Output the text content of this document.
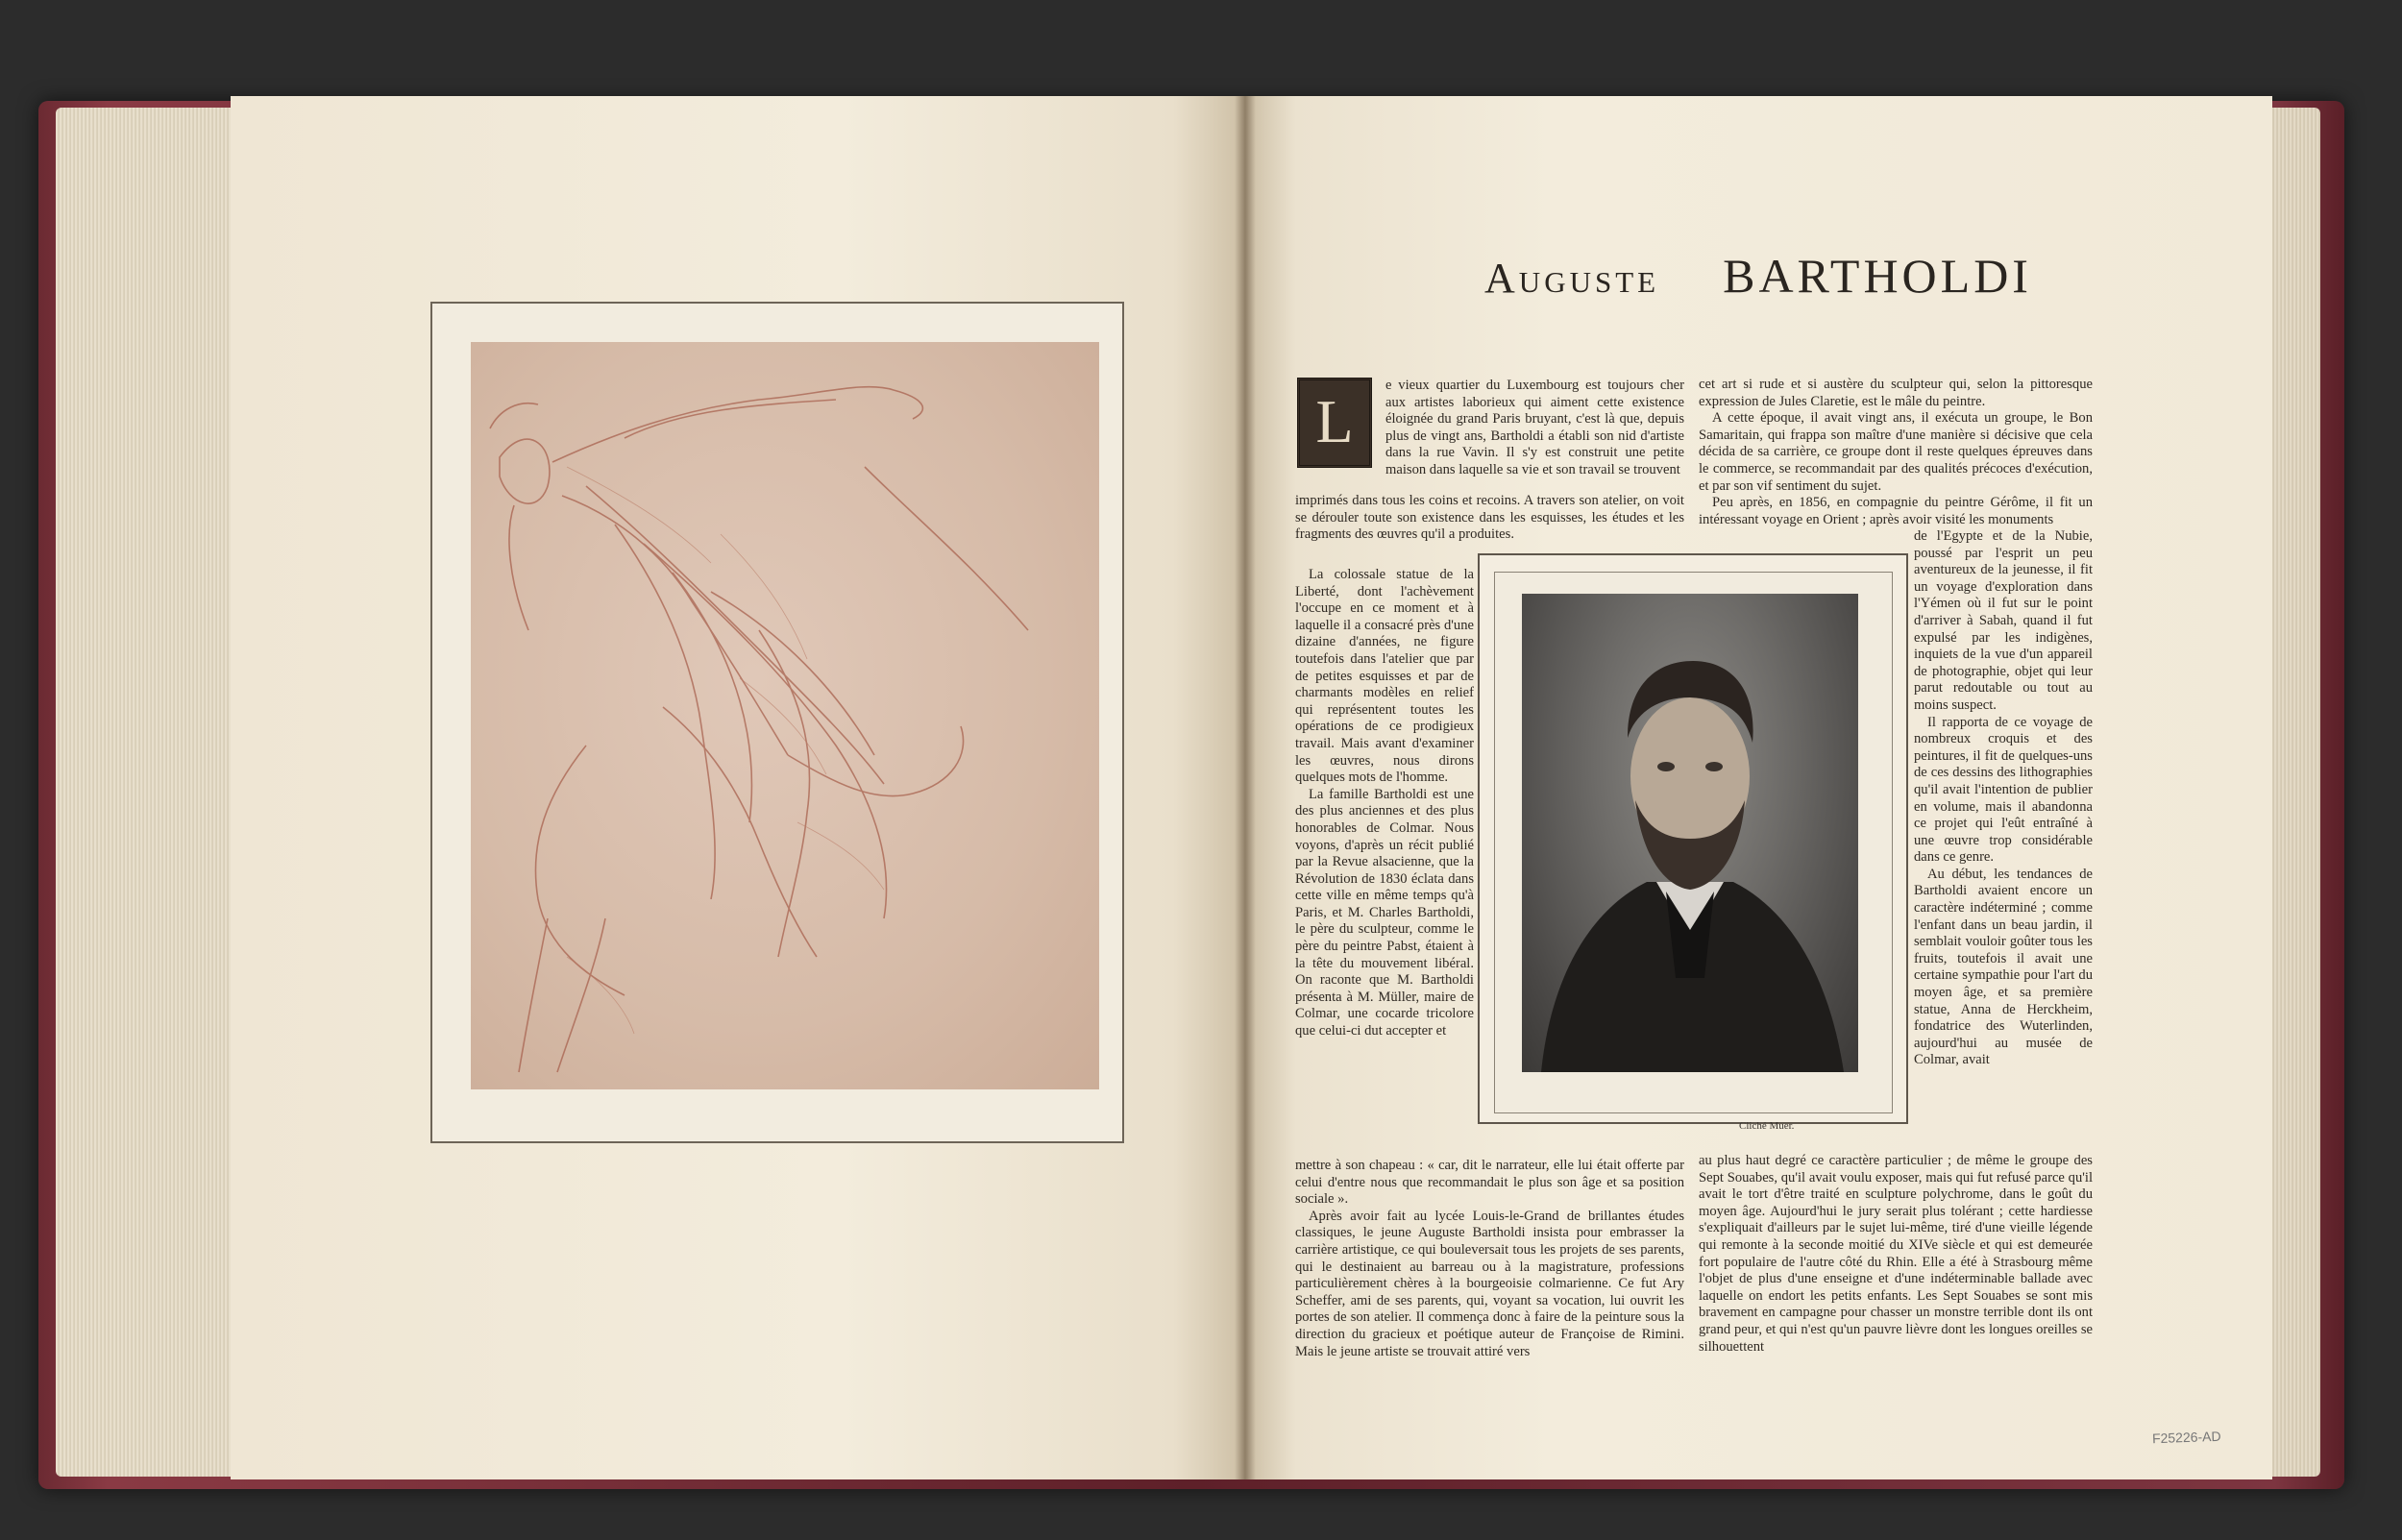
Auguste BARTHOLDI
L

e vieux quartier du Luxembourg est toujours cher aux artistes laborieux qui aiment cette existence éloignée du grand Paris bruyant, c'est là que, depuis plus de vingt ans, Bartholdi a établi son nid d'artiste dans la rue Vavin. Il s'y est construit une petite maison dans laquelle sa vie et son travail se trouvent

imprimés dans tous les coins et recoins. A travers son atelier, on voit se dérouler toute son existence dans les esquisses, les études et les fragments des œuvres qu'il a produites.

La colossale statue de la Liberté, dont l'achèvement l'occupe en ce moment et à laquelle il a consacré près d'une dizaine d'années, ne figure toutefois dans l'atelier que par de petites esquisses et par de charmants modèles en relief qui représentent toutes les opérations de ce prodigieux travail. Mais avant d'examiner les œuvres, nous dirons quelques mots de l'homme.

La famille Bartholdi est une des plus anciennes et des plus honorables de Colmar. Nous voyons, d'après un récit publié par la Revue alsacienne, que la Révolution de 1830 éclata dans cette ville en même temps qu'à Paris, et M. Charles Bartholdi, le père du sculpteur, comme le père du peintre Pabst, étaient à la tête du mouvement libéral. On raconte que M. Bartholdi présenta à M. Müller, maire de Colmar, une cocarde tricolore que celui-ci dut accepter et

mettre à son chapeau : « car, dit le narrateur, elle lui était offerte par celui d'entre nous que recommandait le plus son âge et sa position sociale ».

Après avoir fait au lycée Louis-le-Grand de brillantes études classiques, le jeune Auguste Bartholdi insista pour embrasser la carrière artistique, ce qui bouleversait tous les projets de ses parents, qui le destinaient au barreau ou à la magistrature, professions particulièrement chères à la bourgeoisie colmarienne. Ce fut Ary Scheffer, ami de ses parents, qui, voyant sa vocation, lui ouvrit les portes de son atelier. Il commença donc à faire de la peinture sous la direction du gracieux et poétique auteur de Françoise de Rimini. Mais le jeune artiste se trouvait attiré vers

cet art si rude et si austère du sculpteur qui, selon la pittoresque expression de Jules Claretie, est le mâle du peintre.

A cette époque, il avait vingt ans, il exécuta un groupe, le Bon Samaritain, qui frappa son maître d'une manière si décisive que cela décida de sa carrière, ce groupe dont il reste quelques épreuves dans le commerce, se recommandait par des qualités précoces d'exécution, et par son vif sentiment du sujet.

Peu après, en 1856, en compagnie du peintre Gérôme, il fit un intéressant voyage en Orient ; après avoir visité les monuments

de l'Egypte et de la Nubie, poussé par l'esprit un peu aventureux de la jeunesse, il fit un voyage d'exploration dans l'Yémen où il fut sur le point d'arriver à Sabah, quand il fut expulsé par les indigènes, inquiets de la vue d'un appareil de photographie, objet qui leur parut redoutable ou tout au moins suspect.

Il rapporta de ce voyage de nombreux croquis et des peintures, il fit de quelques-uns de ces dessins des lithographies qu'il avait l'intention de publier en volume, mais il abandonna ce projet qui l'eût entraîné à une œuvre trop considérable dans ce genre.

Au début, les tendances de Bartholdi avaient encore un caractère indéterminé ; comme l'enfant dans un beau jardin, il semblait vouloir goûter tous les fruits, toutefois il avait une certaine sympathie pour l'art du moyen âge, et sa première statue, Anna de Herckheim, fondatrice des Wuterlinden, aujourd'hui au musée de Colmar, avait

au plus haut degré ce caractère particulier ; de même le groupe des Sept Souabes, qu'il avait voulu exposer, mais qui fut refusé parce qu'il avait le tort d'être traité en sculpture polychrome, dans le goût du moyen âge. Aujourd'hui le jury serait plus tolérant ; cette hardiesse s'expliquait d'ailleurs par le sujet lui-même, tiré d'une vieille légende qui remonte à la seconde moitié du XIVe siècle et qui est demeurée fort populaire de l'autre côté du Rhin. Elle a été à Strasbourg même l'objet de plus d'une enseigne et d'une indéterminable ballade avec laquelle on endort les petits enfants. Les Sept Souabes se sont mis bravement en campagne pour chasser un monstre terrible dont ils ont grand peur, et qui n'est qu'un pauvre lièvre dont les longues oreilles se silhouettent

Cliché Muer.
F25226-AD
